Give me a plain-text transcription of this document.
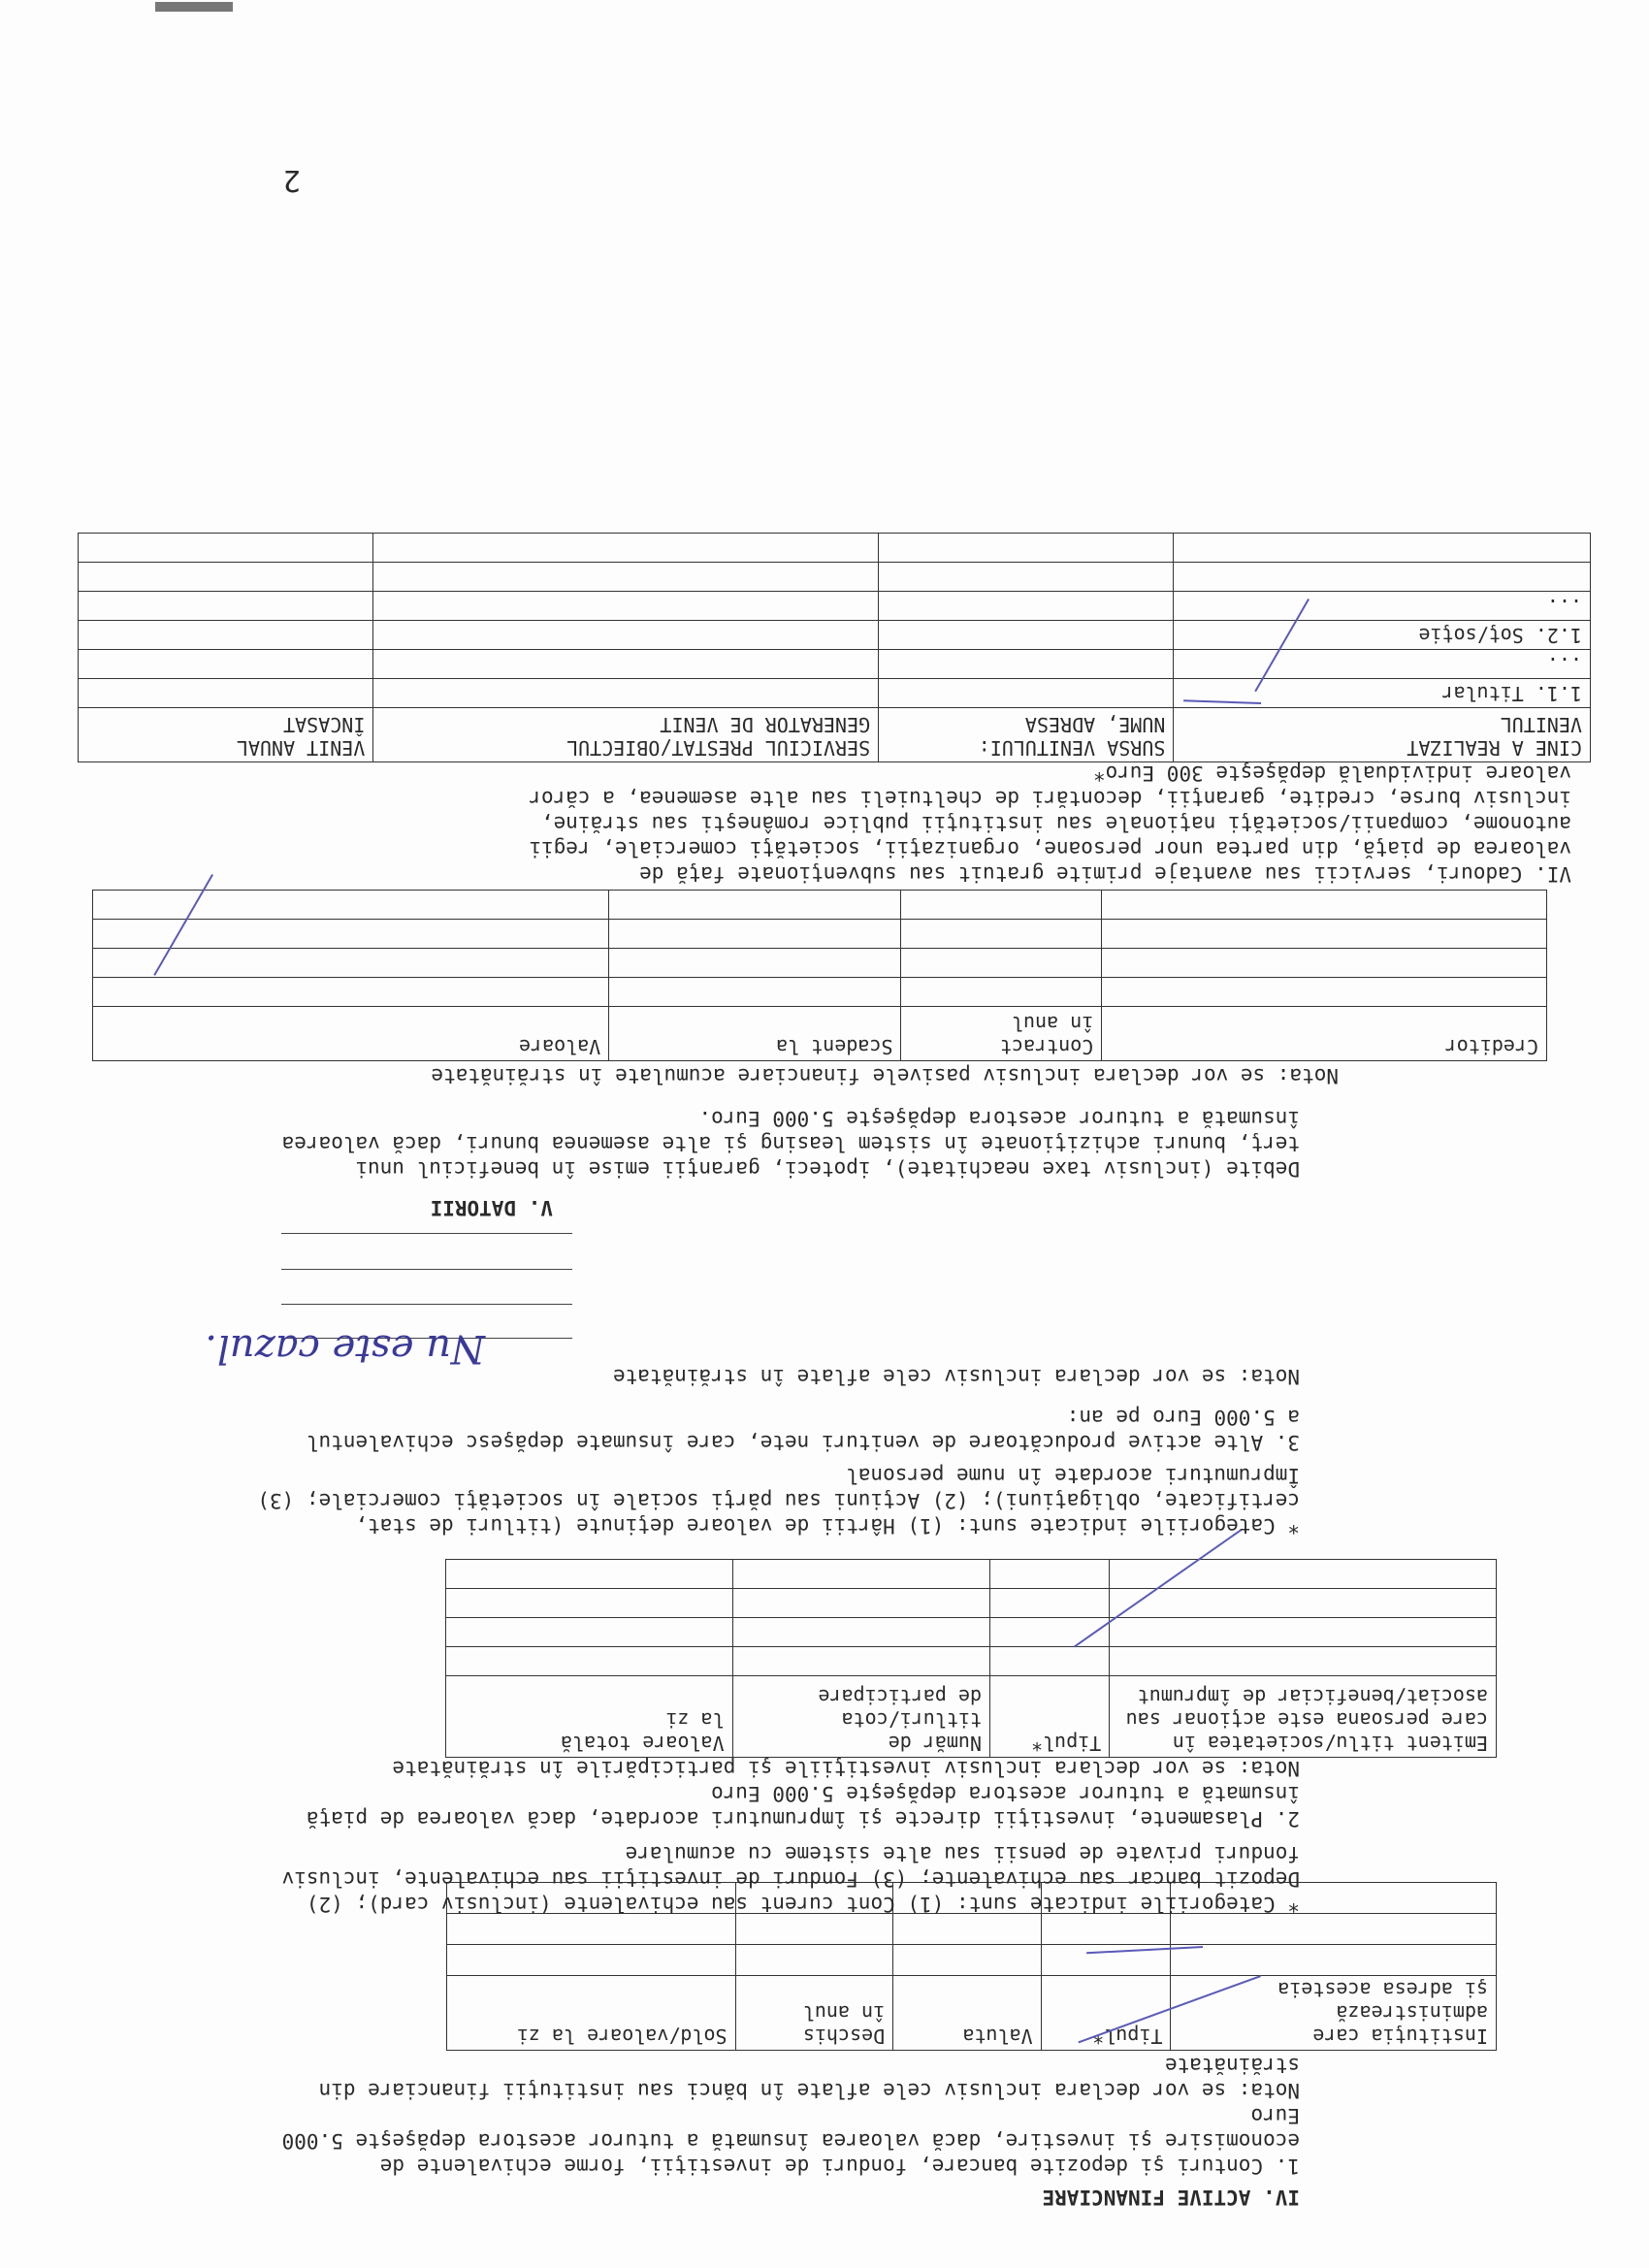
IV. ACTIVE FINANCIARE
1. Conturi şi depozite bancare, fonduri de investiţii, forme echivalente de
economisire şi investire, dacă valoarea însumată a tuturor acestora depăşeşte 5.000
Euro
Nota: se vor declara inclusiv cele aflate în bănci sau instituţii financiare din
străinătate
Instituţia care administrează
şi adresa acesteia	Tipul*	Valuta	Deschis
în anul	Sold/valoare la zi	

* Categoriile indicate sunt: (1) Cont curent sau echivalente (inclusiv card); (2)
Depozit bancar sau echivalente; (3) Fonduri de investiţii sau echivalente, inclusiv
fonduri private de pensii sau alte sisteme cu acumulare
2. Plasamente, investiţii directe şi împrumuturi acordate, dacă valoarea de piaţă
însumată a tuturor acestora depăşeşte 5.000 Euro
Nota: se vor declara inclusiv investiţiile şi participările în străinătate
Emitent titlu/societatea în
care persoana este acţionar sau
asociat/beneficiar de împrumut	Tipul*	Număr de
titluri/cota
de participare	Valoare totală
la zi	

* Categoriile indicate sunt: (1) Hârtii de valoare deţinute (titluri de stat,
certificate, obligaţiuni); (2) Acţiuni sau părţi sociale în societăţi comerciale; (3)
Împrumuturi acordate în nume personal
3. Alte active producătoare de venituri nete, care însumate depăşesc echivalentul
a 5.000 Euro pe an:
Nota: se vor declara inclusiv cele aflate în străinătate
Nu este cazul.
V. DATORII
Debite (inclusiv taxe neachitate), ipoteci, garanţii emise în beneficiul unui
terţ, bunuri achiziţionate în sistem leasing şi alte asemenea bunuri, dacă valoarea
însumată a tuturor acestora depăşeşte 5.000 Euro.
Nota: se vor declara inclusiv pasivele financiare acumulate în străinătate
Creditor	Contract
în anul	Scadent la	Valoare

VI. Cadouri, servicii sau avantaje primite gratuit sau subvenţionate faţă de
valoarea de piaţă, din partea unor persoane, organizaţii, societăţi comerciale, regii
autonome, companii/societăţi naţionale sau instituţii publice româneşti sau străine,
inclusiv burse, credite, garanţii, decontări de cheltuieli sau alte asemenea, a căror
valoare individuală depăşeşte 300 Euro*
CINE A REALIZAT
VENITUL	SURSA VENITULUI:
NUME, ADRESA	SERVICIUL PRESTAT/OBIECTUL
GENERATOR DE VENIT	VENIT ANUAL
ÎNCASAT
1.1. Titular			
...			
1.2. Soţ/soţie			
...			

2
